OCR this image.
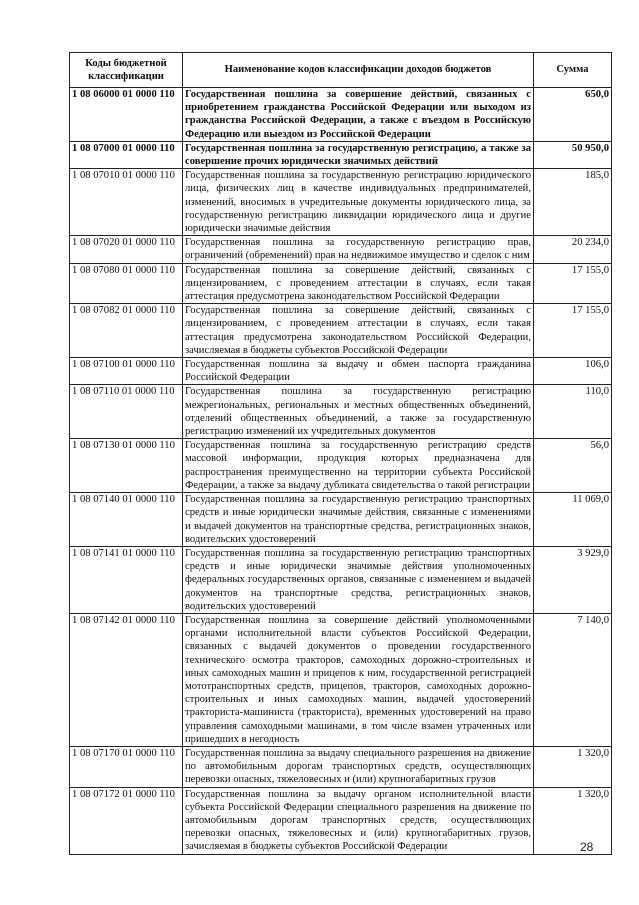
Коды бюджетной классификации	Наименование кодов классификации доходов бюджетов	Сумма
1 08 06000 01 0000 110	Государственная пошлина за совершение действий, связанных с приобретением гражданства Российской Федерации или выходом из гражданства Российской Федерации, а также с въездом в Российскую Федерацию или выездом из Российской Федерации	650,0
1 08 07000 01 0000 110	Государственная пошлина за государственную регистрацию, а также за совершение прочих юридически значимых действий	50 950,0
1 08 07010 01 0000 110	Государственная пошлина за государственную регистрацию юридического лица, физических лиц в качестве индивидуальных предпринимателей, изменений, вносимых в учредительные документы юридического лица, за государственную регистрацию ликвидации юридического лица и другие юридически значимые действия	185,0
1 08 07020 01 0000 110	Государственная пошлина за государственную регистрацию прав, ограничений (обременений) прав на недвижимое имущество и сделок с ним	20 234,0
1 08 07080 01 0000 110	Государственная пошлина за совершение действий, связанных с лицензированием, с проведением аттестации в случаях, если такая аттестация предусмотрена законодательством Российской Федерации	17 155,0
1 08 07082 01 0000 110	Государственная пошлина за совершение действий, связанных с лицензированием, с проведением аттестации в случаях, если такая аттестация предусмотрена законодательством Российской Федерации, зачисляемая в бюджеты субъектов Российской Федерации	17 155,0
1 08 07100 01 0000 110	Государственная пошлина за выдачу и обмен паспорта гражданина Российской Федерации	106,0
1 08 07110 01 0000 110	Государственная пошлина за государственную регистрацию межрегиональных, региональных и местных общественных объединений, отделений общественных объединений, а также за государственную регистрацию изменений их учредительных документов	110,0
1 08 07130 01 0000 110	Государственная пошлина за государственную регистрацию средств массовой информации, продукция которых предназначена для распространения преимущественно на территории субъекта Российской Федерации, а также за выдачу дубликата свидетельства о такой регистрации	56,0
1 08 07140 01 0000 110	Государственная пошлина за государственную регистрацию транспортных средств и иные юридически значимые действия, связанные с изменениями и выдачей документов на транспортные средства, регистрационных знаков, водительских удостоверений	11 069,0
1 08 07141 01 0000 110	Государственная пошлина за государственную регистрацию транспортных средств и иные юридически значимые действия уполномоченных федеральных государственных органов, связанные с изменением и выдачей документов на транспортные средства, регистрационных знаков, водительских удостоверений	3 929,0
1 08 07142 01 0000 110	Государственная пошлина за совершение действий уполномоченными органами исполнительной власти субъектов Российской Федерации, связанных с выдачей документов о проведении государственного технического осмотра тракторов, самоходных дорожно-строительных и иных самоходных машин и прицепов к ним, государственной регистрацией мототранспортных средств, прицепов, тракторов, самоходных дорожно-строительных и иных самоходных машин, выдачей удостоверений тракториста-машиниста (тракториста), временных удостоверений на право управления самоходными машинами, в том числе взамен утраченных или пришедших в негодность	7 140,0
1 08 07170 01 0000 110	Государственная пошлина за выдачу специального разрешения на движение по автомобильным дорогам транспортных средств, осуществляющих перевозки опасных, тяжеловесных и (или) крупногабаритных грузов	1 320,0
1 08 07172 01 0000 110	Государственная пошлина за выдачу органом исполнительной власти субъекта Российской Федерации специального разрешения на движение по автомобильным дорогам транспортных средств, осуществляющих перевозки опасных, тяжеловесных и (или) крупногабаритных грузов, зачисляемая в бюджеты субъектов Российской Федерации	1 320,0
28
